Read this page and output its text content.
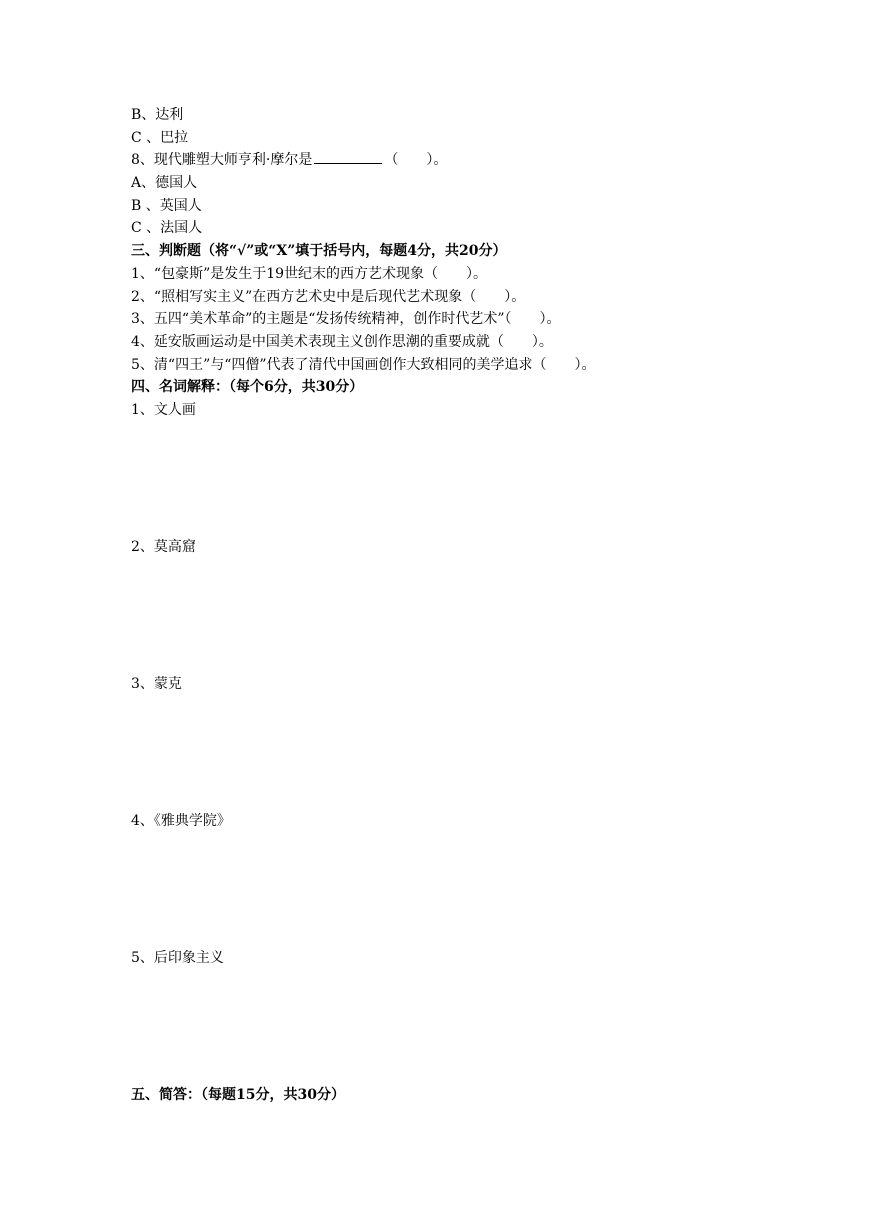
B、达利
C 、巴拉
8、现代雕塑大师亨利·摩尔是	（　　）。
A、德国人
B 、英国人
C 、法国人
三、判断题（将“√”或“X”填于括号内，每题4分，共20分）
1、“包豪斯”是发生于19世纪末的西方艺术现象（　　）。
2、“照相写实主义”在西方艺术史中是后现代艺术现象（　　）。
3、五四“美术革命”的主题是“发扬传统精神，创作时代艺术”（　　）。
4、延安版画运动是中国美术表现主义创作思潮的重要成就（　　）。
5、清“四王”与“四僧”代表了清代中国画创作大致相同的美学追求（　　）。
四、名词解释：（每个6分，共30分）
1、文人画
2、莫高窟
3、蒙克
4、《雅典学院》
5、后印象主义
五、简答：（每题15分，共30分）
